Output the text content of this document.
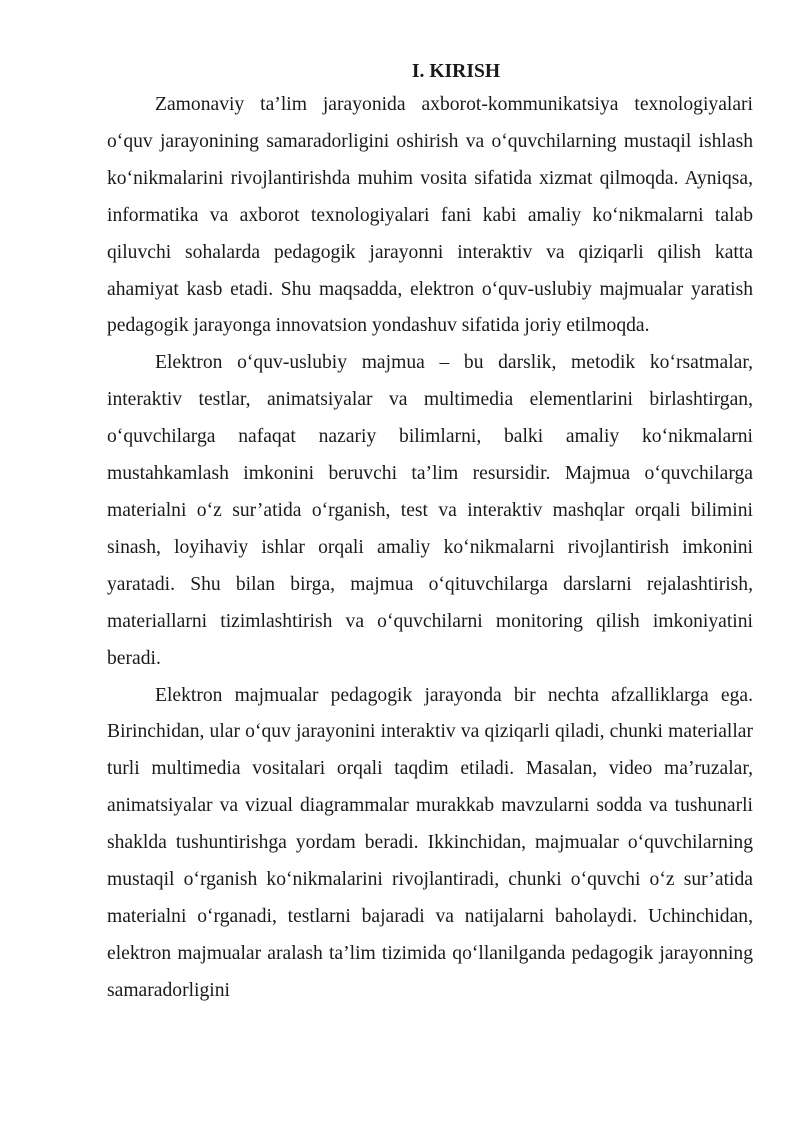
I. KIRISH

Zamonaviy ta’lim jarayonida axborot-kommunikatsiya texnologiyalari o‘quv jarayonining samaradorligini oshirish va o‘quvchilarning mustaqil ishlash ko‘nikmalarini rivojlantirishda muhim vosita sifatida xizmat qilmoqda. Ayniqsa, informatika va axborot texnologiyalari fani kabi amaliy ko‘nikmalarni talab qiluvchi sohalarda pedagogik jarayonni interaktiv va qiziqarli qilish katta ahamiyat kasb etadi. Shu maqsadda, elektron o‘quv-uslubiy majmualar yaratish pedagogik jarayonga innovatsion yondashuv sifatida joriy etilmoqda.

Elektron o‘quv-uslubiy majmua – bu darslik, metodik ko‘rsatmalar, interaktiv testlar, animatsiyalar va multimedia elementlarini birlashtirgan, o‘quvchilarga nafaqat nazariy bilimlarni, balki amaliy ko‘nikmalarni mustahkamlash imkonini beruvchi ta’lim resursidir. Majmua o‘quvchilarga materialni o‘z sur’atida o‘rganish, test va interaktiv mashqlar orqali bilimini sinash, loyihaviy ishlar orqali amaliy ko‘nikmalarni rivojlantirish imkonini yaratadi. Shu bilan birga, majmua o‘qituvchilarga darslarni rejalashtirish, materiallarni tizimlashtirish va o‘quvchilarni monitoring qilish imkoniyatini beradi.

Elektron majmualar pedagogik jarayonda bir nechta afzalliklarga ega. Birinchidan, ular o‘quv jarayonini interaktiv va qiziqarli qiladi, chunki materiallar turli multimedia vositalari orqali taqdim etiladi. Masalan, video ma’ruzalar, animatsiyalar va vizual diagrammalar murakkab mavzularni sodda va tushunarli shaklda tushuntirishga yordam beradi. Ikkinchidan, majmualar o‘quvchilarning mustaqil o‘rganish ko‘nikmalarini rivojlantiradi, chunki o‘quvchi o‘z sur’atida materialni o‘rganadi, testlarni bajaradi va natijalarni baholaydi. Uchinchidan, elektron majmualar aralash ta’lim tizimida qo‘llanilganda pedagogik jarayonning samaradorligini
